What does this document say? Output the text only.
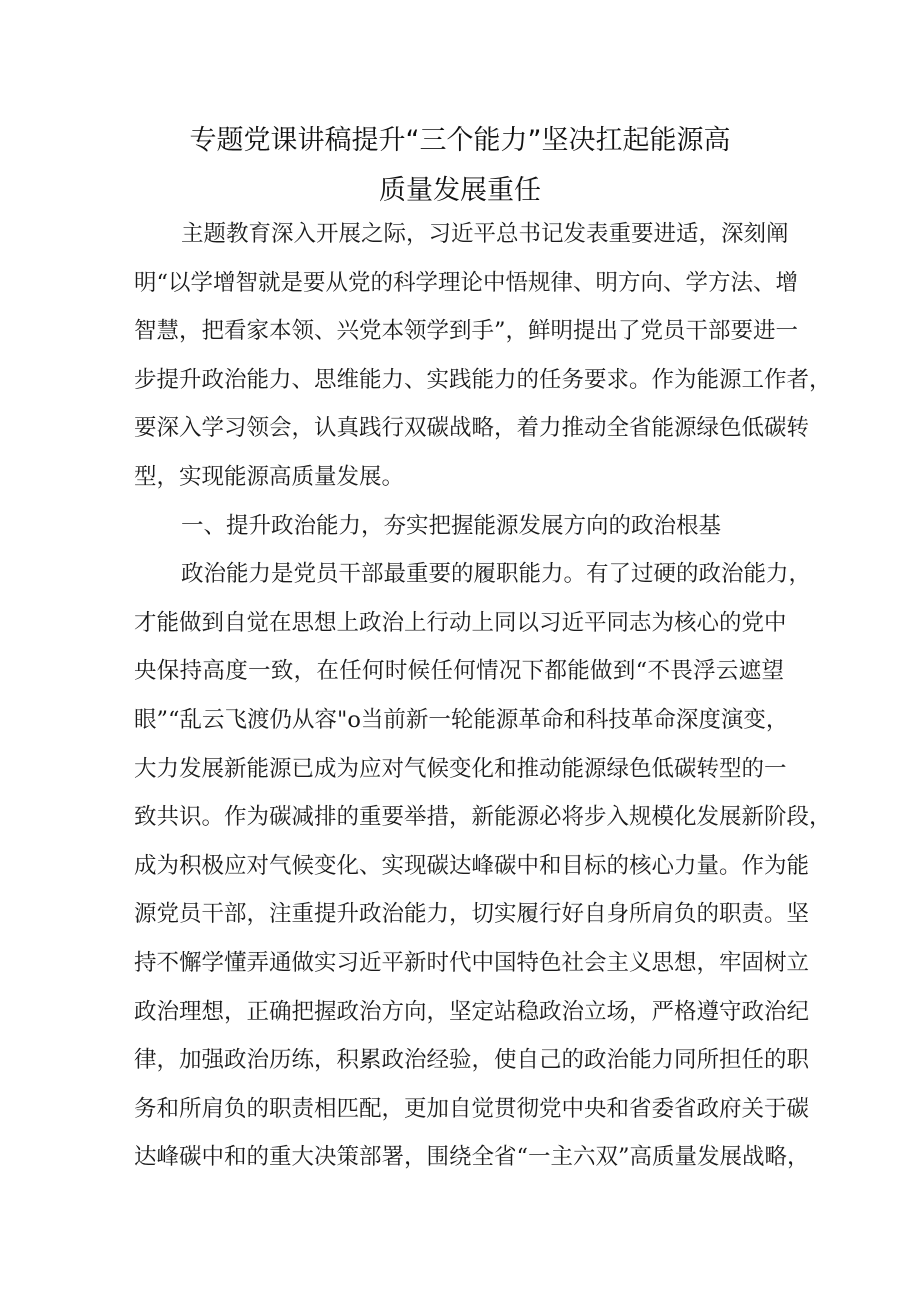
专题党课讲稿提升“三个能力”坚决扛起能源高
质量发展重任
主题教育深入开展之际，习近平总书记发表重要进适，深刻阐
明“以学增智就是要从党的科学理论中悟规律、明方向、学方法、增
智慧，把看家本领、兴党本领学到手”，鲜明提出了党员干部要进一
步提升政治能力、思维能力、实践能力的任务要求。作为能源工作者，
要深入学习领会，认真践行双碳战略，着力推动全省能源绿色低碳转
型，实现能源高质量发展。
一、提升政治能力，夯实把握能源发展方向的政治根基
政治能力是党员干部最重要的履职能力。有了过硬的政治能力，
才能做到自觉在思想上政治上行动上同以习近平同志为核心的党中
央保持高度一致，在任何时候任何情况下都能做到“不畏浮云遮望
眼”“乱云飞渡仍从容"o当前新一轮能源革命和科技革命深度演变，
大力发展新能源已成为应对气候变化和推动能源绿色低碳转型的一
致共识。作为碳减排的重要举措，新能源必将步入规模化发展新阶段，
成为积极应对气候变化、实现碳达峰碳中和目标的核心力量。作为能
源党员干部，注重提升政治能力，切实履行好自身所肩负的职责。坚
持不懈学懂弄通做实习近平新时代中国特色社会主义思想，牢固树立
政治理想，正确把握政治方向，坚定站稳政治立场，严格遵守政治纪
律，加强政治历练，积累政治经验，使自己的政治能力同所担任的职
务和所肩负的职责相匹配，更加自觉贯彻党中央和省委省政府关于碳
达峰碳中和的重大决策部署，围绕全省“一主六双”高质量发展战略，
